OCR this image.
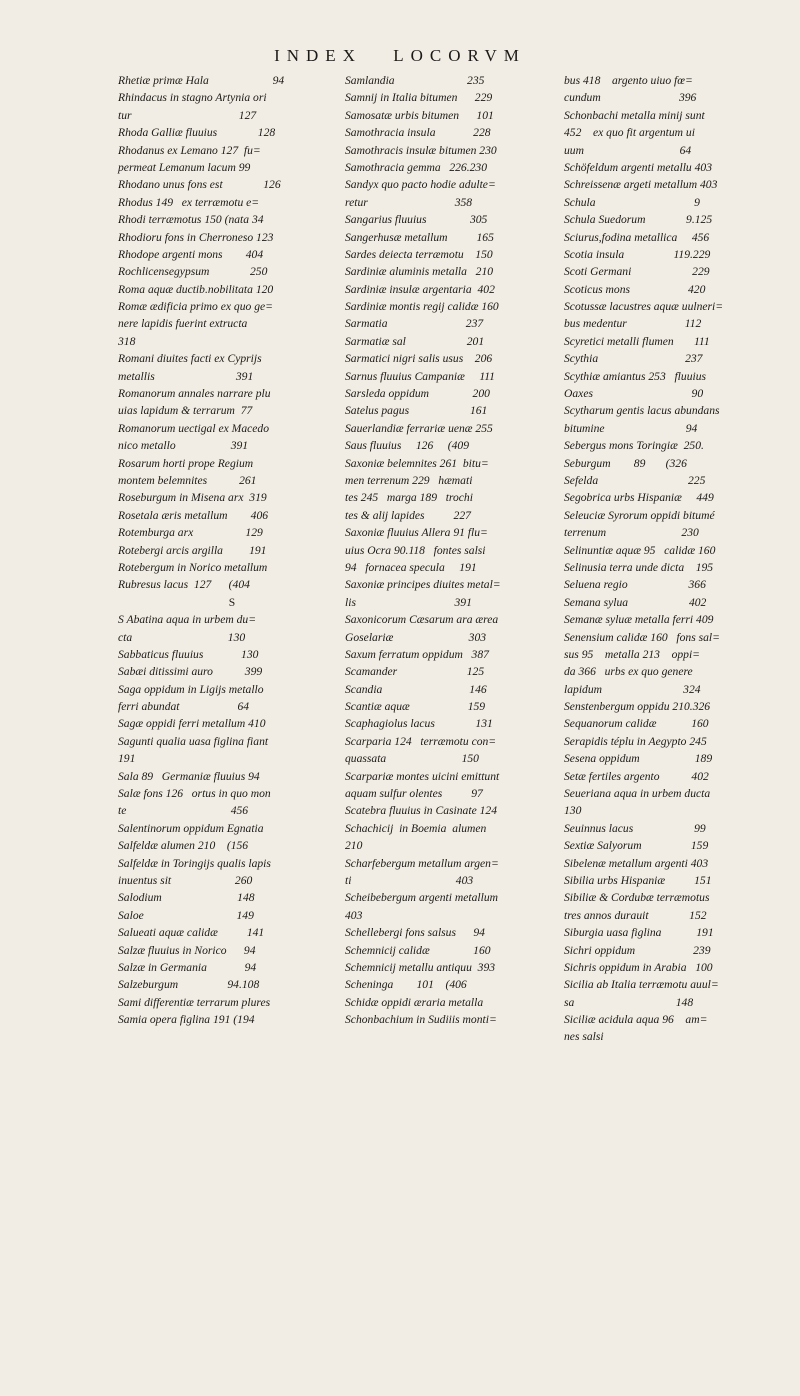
INDEX LOCORVM
Rhetiæ primæ Hala                      94
Rhindacus in stagno Artynia ori
tur                                     127
Rhoda Galliæ fluuius              128
Rhodanus ex Lemano 127  fu=
permeat Lemanum lacum 99
Rhodano unus fons est              126
Rhodus 149   ex terræmotu e=
Rhodi terræmotus 150 (nata 34
Rhodioru fons in Cherroneso 123
Rhodope argenti mons        404
Rochlicensegypsum              250
Roma aquæ ductib.nobilitata 120
Romæ ædificia primo ex quo ge=
nere lapidis fuerint extructa
318
Romani diuites facti ex Cyprijs
metallis                            391
Romanorum annales narrare plu
uias lapidum & terrarum  77
Romanorum uectigal ex Macedo
nico metallo                   391
Rosarum horti prope Regium
montem belemnites           261
Roseburgum in Misena arx  319
Rosetala æris metallum        406
Rotemburga arx                  129
Rotebergi arcis argilla         191
Rotebergum in Norico metallum
Rubresus lacus  127      (404
S
S Abatina aqua in urbem du=
cta                                 130
Sabbaticus fluuius             130
Sabæi ditissimi auro           399
Saga oppidum in Ligijs metallo
ferri abundat                    64
Sagæ oppidi ferri metallum 410
Sagunti qualia uasa figlina fiant
191
Sala 89   Germaniæ fluuius 94
Salæ fons 126   ortus in quo mon
te                                    456
Salentinorum oppidum Egnatia
Salfeldæ alumen 210    (156
Salfeldæ in Toringijs qualis lapis
inuentus sit                      260
Salodium                          148
Saloe                                149
Salueati aquæ calidæ          141
Salzæ fluuius in Norico      94
Salzæ in Germania             94
Salzeburgum                 94.108
Sami differentiæ terrarum plures
Samia opera figlina 191 (194
Samlandia                         235
Samnij in Italia bitumen      229
Samosatæ urbis bitumen      101
Samothracia insula             228
Samothracis insulæ bitumen 230
Samothracia gemma   226.230
Sandyx quo pacto hodie adulte=
retur                              358
Sangarius fluuius               305
Sangerhusæ metallum          165
Sardes deiecta terræmotu    150
Sardiniæ aluminis metalla   210
Sardiniæ insulæ argentaria  402
Sardiniæ montis regij calidæ 160
Sarmatia                           237
Sarmatiæ sal                     201
Sarmatici nigri salis usus    206
Sarnus fluuius Campaniæ     111
Sarsleda oppidum               200
Satelus pagus                     161
Sauerlandiæ ferrariæ uenæ 255
Saus fluuius     126     (409
Saxoniæ belemnites 261  bitu=
men terrenum 229   hæmati
tes 245   marga 189   trochi
tes & alij lapides          227
Saxoniæ fluuius Allera 91 flu=
uius Ocra 90.118   fontes salsi
94   fornacea specula     191
Saxoniæ principes diuites metal=
lis                                  391
Saxonicorum Cæsarum ara ærea
Goselariæ                          303
Saxum ferratum oppidum   387
Scamander                        125
Scandia                              146
Scantiæ aquæ                    159
Scaphagiolus lacus              131
Scarparia 124   terræmotu con=
quassata                          150
Scarpariæ montes uicini emittunt
aquam sulfur olentes          97
Scatebra fluuius in Casinate 124
Schachicij  in Boemia  alumen
210
Scharfebergum metallum argen=
ti                                    403
Scheibebergum argenti metallum
403
Schellebergi fons salsus      94
Schemnicij calidæ               160
Schemnicij metallu antiquu  393
Scheninga        101    (406
Schidæ oppidi æraria metalla
Schonbachium in Sudiiis monti=
bus 418    argento uiuo fœ=
cundum                           396
Schonbachi metalla minij sunt
452    ex quo fit argentum ui
uum                                 64
Schöfeldum argenti metallu 403
Schreissenæ argeti metallum 403
Schula                                  9
Schula Suedorum              9.125
Sciurus,fodina metallica     456
Scotia insula                 119.229
Scoti Germani                     229
Scoticus mons                    420
Scotussæ lacustres aquæ uulneri=
bus medentur                    112
Scyretici metalli flumen       111
Scythia                              237
Scythiæ amiantus 253   fluuius
Oaxes                                  90
Scytharum gentis lacus abundans
bitumine                            94
Sebergus mons Toringiæ  250.
Seburgum        89       (326
Sefelda                               225
Segobrica urbs Hispaniæ     449
Seleuciæ Syrorum oppidi bitumé
terrenum                          230
Selinuntiæ aquæ 95   calidæ 160
Selinusia terra unde dicta    195
Seluena regio                     366
Semana sylua                     402
Semanæ syluæ metalla ferri 409
Senensium calidæ 160   fons sal=
sus 95    metalla 213    oppi=
da 366   urbs ex quo genere
lapidum                            324
Senstenbergum oppidu 210.326
Sequanorum calidæ            160
Serapidis téplu in Aegypto 245
Sesena oppidum                   189
Setæ fertiles argento           402
Seueriana aqua in urbem ducta
130
Seuinnus lacus                     99
Sextiæ Salyorum                 159
Sibelenæ metallum argenti 403
Sibilia urbs Hispaniæ          151
Sibiliæ & Cordubæ terræmotus
tres annos durauit              152
Siburgia uasa figlina            191
Sichri oppidum                    239
Sichris oppidum in Arabia   100
Sicilia ab Italia terræmotu auul=
sa                                   148
Siciliæ acidula aqua 96    am=
nes salsi
